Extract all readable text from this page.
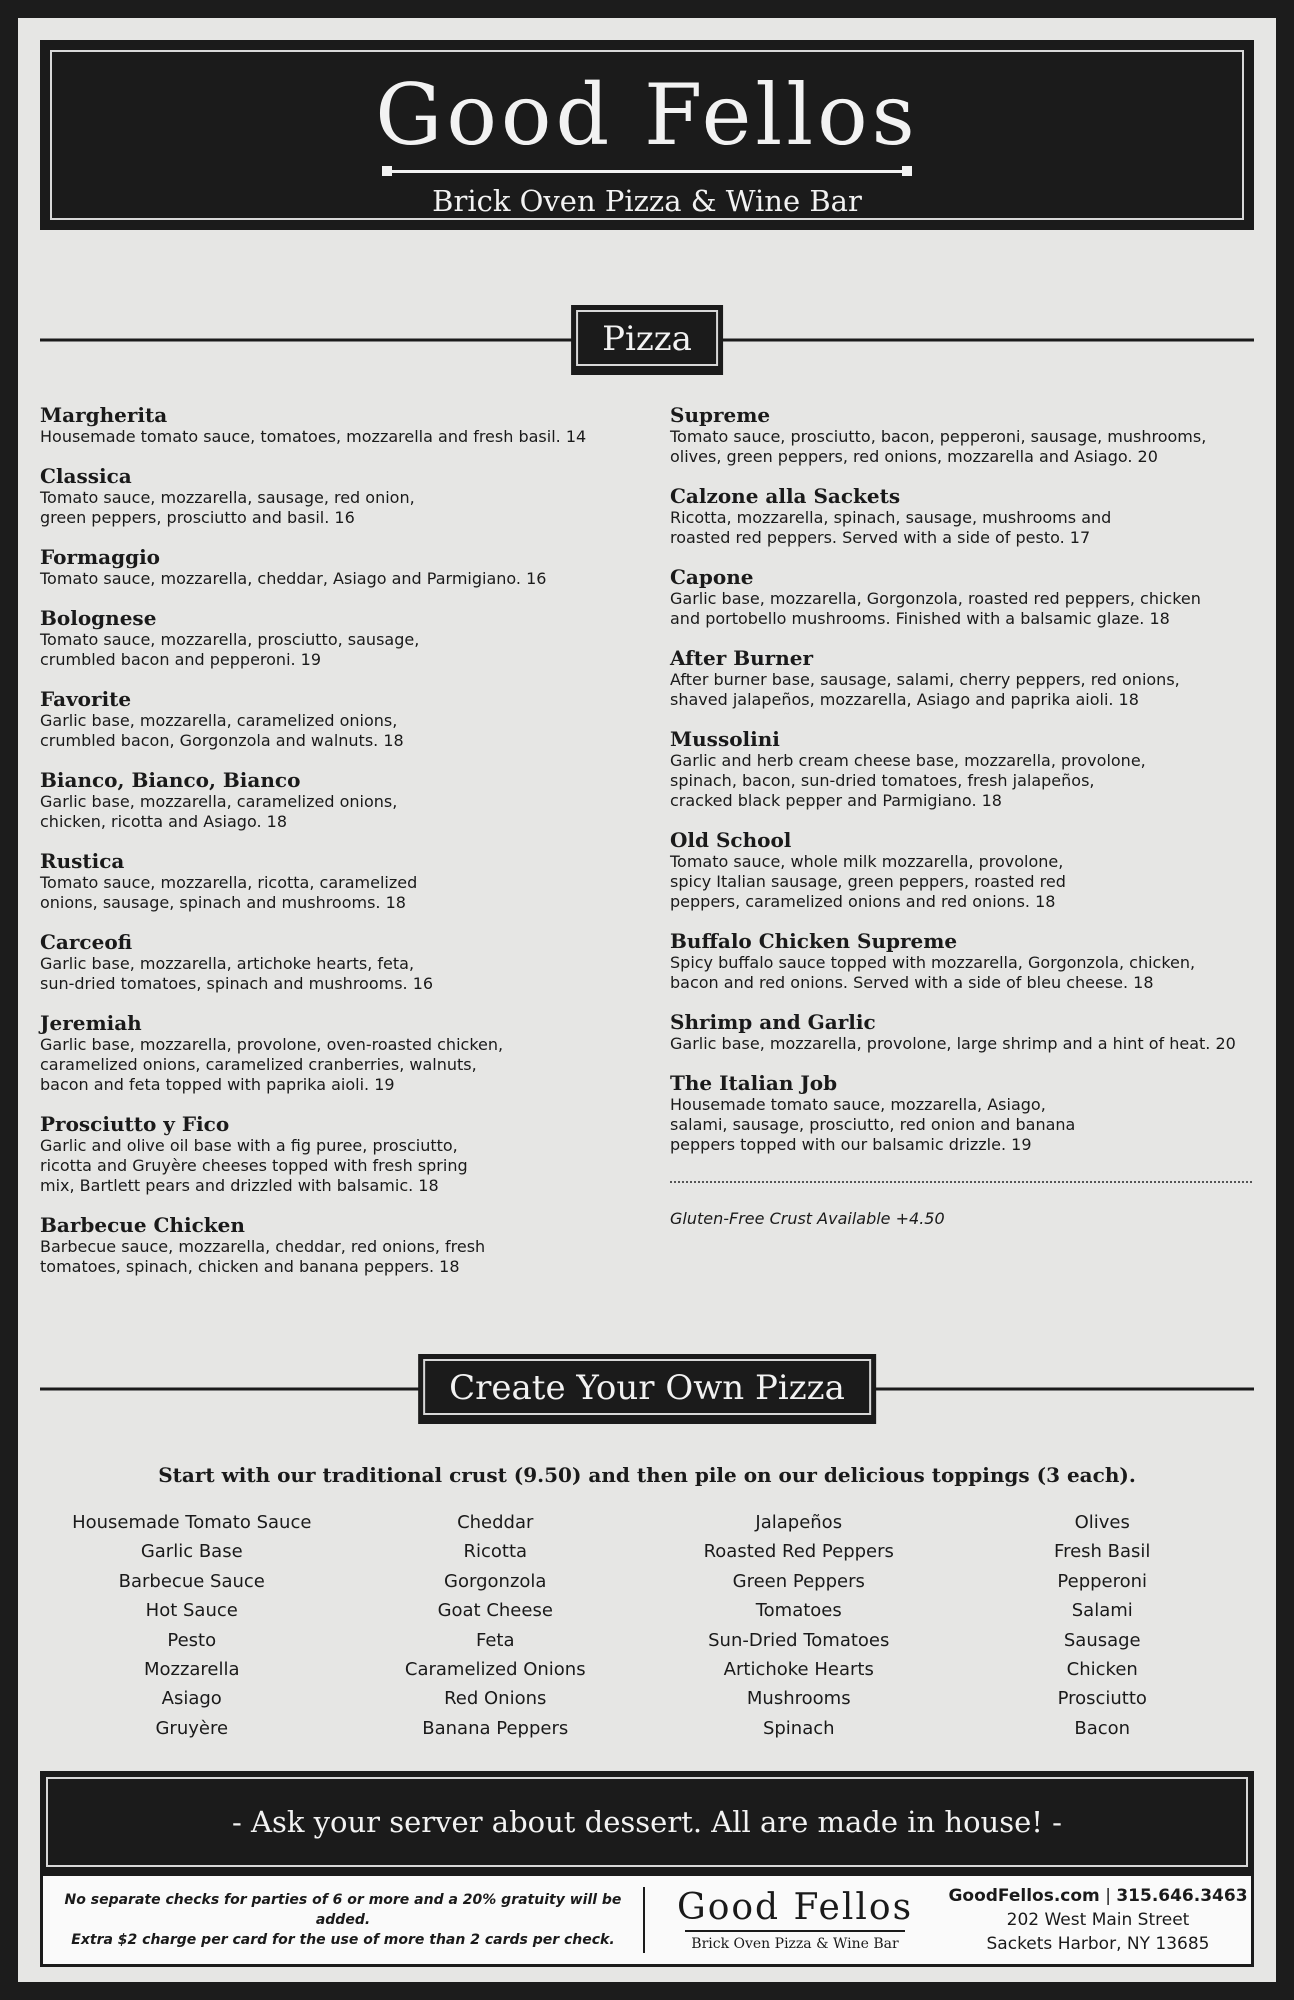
Good Fellos
Brick Oven Pizza & Wine Bar
Pizza
Margherita
Housemade tomato sauce, tomatoes, mozzarella and fresh basil. 14
Classica
Tomato sauce, mozzarella, sausage, red onion,
green peppers, prosciutto and basil. 16
Formaggio
Tomato sauce, mozzarella, cheddar, Asiago and Parmigiano. 16
Bolognese
Tomato sauce, mozzarella, prosciutto, sausage,
crumbled bacon and pepperoni. 19
Favorite
Garlic base, mozzarella, caramelized onions,
crumbled bacon, Gorgonzola and walnuts. 18
Bianco, Bianco, Bianco
Garlic base, mozzarella, caramelized onions,
chicken, ricotta and Asiago. 18
Rustica
Tomato sauce, mozzarella, ricotta, caramelized
onions, sausage, spinach and mushrooms. 18
Carceofi
Garlic base, mozzarella, artichoke hearts, feta,
sun-dried tomatoes, spinach and mushrooms. 16
Jeremiah
Garlic base, mozzarella, provolone, oven-roasted chicken,
caramelized onions, caramelized cranberries, walnuts,
bacon and feta topped with paprika aioli. 19
Prosciutto y Fico
Garlic and olive oil base with a fig puree, prosciutto,
ricotta and Gruyère cheeses topped with fresh spring
mix, Bartlett pears and drizzled with balsamic. 18
Barbecue Chicken
Barbecue sauce, mozzarella, cheddar, red onions, fresh
tomatoes, spinach, chicken and banana peppers. 18
Supreme
Tomato sauce, prosciutto, bacon, pepperoni, sausage, mushrooms,
olives, green peppers, red onions, mozzarella and Asiago. 20
Calzone alla Sackets
Ricotta, mozzarella, spinach, sausage, mushrooms and
roasted red peppers. Served with a side of pesto. 17
Capone
Garlic base, mozzarella, Gorgonzola, roasted red peppers, chicken
and portobello mushrooms. Finished with a balsamic glaze. 18
After Burner
After burner base, sausage, salami, cherry peppers, red onions,
shaved jalapeños, mozzarella, Asiago and paprika aioli. 18
Mussolini
Garlic and herb cream cheese base, mozzarella, provolone,
spinach, bacon, sun-dried tomatoes, fresh jalapeños,
cracked black pepper and Parmigiano. 18
Old School
Tomato sauce, whole milk mozzarella, provolone,
spicy Italian sausage, green peppers, roasted red
peppers, caramelized onions and red onions. 18
Buffalo Chicken Supreme
Spicy buffalo sauce topped with mozzarella, Gorgonzola, chicken,
bacon and red onions. Served with a side of bleu cheese. 18
Shrimp and Garlic
Garlic base, mozzarella, provolone, large shrimp and a hint of heat. 20
The Italian Job
Housemade tomato sauce, mozzarella, Asiago,
salami, sausage, prosciutto, red onion and banana
peppers topped with our balsamic drizzle. 19
Gluten-Free Crust Available +4.50
Create Your Own Pizza
Start with our traditional crust (9.50) and then pile on our delicious toppings (3 each).
Housemade Tomato Sauce
Garlic Base
Barbecue Sauce
Hot Sauce
Pesto
Mozzarella
Asiago
Gruyère
Cheddar
Ricotta
Gorgonzola
Goat Cheese
Feta
Caramelized Onions
Red Onions
Banana Peppers
Jalapeños
Roasted Red Peppers
Green Peppers
Tomatoes
Sun-Dried Tomatoes
Artichoke Hearts
Mushrooms
Spinach
Olives
Fresh Basil
Pepperoni
Salami
Sausage
Chicken
Prosciutto
Bacon
- Ask your server about dessert. All are made in house! -
No separate checks for parties of 6 or more and a 20% gratuity will be added.
Extra $2 charge per card for the use of more than 2 cards per check.
Good Fellos
Brick Oven Pizza & Wine Bar
GoodFellos.com | 315.646.3463
202 West Main Street
Sackets Harbor, NY 13685
